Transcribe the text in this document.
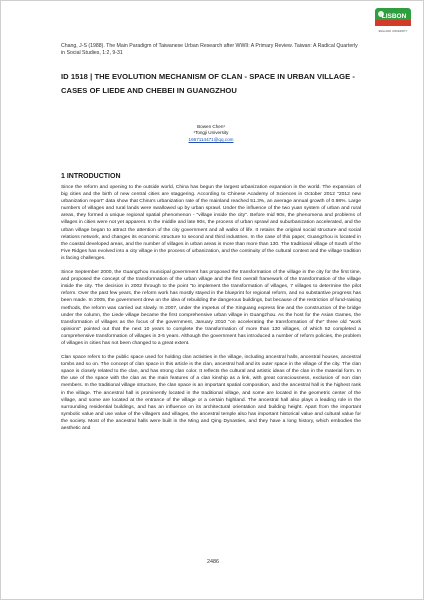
LISBON
ENGLAND UNIVERSITY
Chang, J-S (1988). The Main Paradigm of Taiwanese Urban Research after WWII: A Primary Review. Taiwan: A Radical Quarterly in Social Studies, 1:2, 9-31
ID 1518 | THE EVOLUTION MECHANISM OF CLAN - SPACE IN URBAN VILLAGE - CASES OF LIEDE AND CHEBEI IN GUANGZHOU
Bowen Chen¹
¹Tongji University
1667114471@qq.com
1 INTRODUCTION

Since the reform and opening to the outside world, China has begun the largest urbanization expansion in the world. The expansion of big cities and the birth of new central cities are staggering. According to Chinese Academy of Sciences in October 2012 "2012 new urbanization report" data show that China's urbanization rate of the mainland reached 51.3%, an average annual growth of 0.98%. Large numbers of villages and rural lands were swallowed up by urban sprawl. Under the influence of the two yuan system of urban and rural areas, they formed a unique regional spatial phenomenon - "village inside the city". Before mid 90s, the phenomena and problems of villages in cities were not yet apparent. In the middle and late 90s, the process of urban sprawl and suburbanization accelerated, and the urban village began to attract the attention of the city government and all walks of life. It retains the original social structure and social relations network, and changes its economic structure to second and third industries. In the case of this paper, Guangzhou is located in the coastal developed areas, and the number of villages in urban areas is more than more than 130. The traditional village of South of the Five Ridges has evolved into a city village in the process of urbanization, and the continuity of the cultural context and the village tradition is facing challenges.

Since September 2000, the Guangzhou municipal government has proposed the transformation of the village in the city for the first time, and proposed the concept of the transformation of the urban village and the first overall framework of the transformation of the village inside the city. The decision in 2002 through to the point "to implement the transformation of villages, 7 villages to determine the pilot reform. Over the past few years, the reform work has mostly stayed in the blueprint for regional reform, and no substantive progress has been made. In 2005, the government drew on the idea of rebuilding the dangerous buildings, but because of the restriction of fund-raising methods, the reform was carried out slowly. In 2007, under the impetus of the Xinguang express line and the construction of the bridge under the column, the Liede village became the first comprehensive urban village in Guangzhou. As the host for the Asian Games, the transformation of villages as the focus of the government, January 2010 "on accelerating the transformation of the" three old "work opinions" pointed out that the next 10 years to complete the transformation of more than 130 villages, of which 52 completed a comprehensive transformation of villages in 3-5 years. Although the government has introduced a number of reform policies, the problem of villages in cities has not been changed to a great extent.

Clan space refers to the public space used for holding clan activities in the village, including ancestral halls, ancestral houses, ancestral tombs and so on. The concept of clan space in this article is the clan, ancestral hall and its outer space in the village of the city. The clan space is closely related to the clan, and has strong clan color. It reflects the cultural and artistic ideas of the clan in the material form. In the use of the space with the clan as the main features of a clan kinship as a link, with great consciousness, exclusion of non clan members. In the traditional village structure, the clan space is an important spatial composition, and the ancestral hall is the highest rank in the village. The ancestral hall is prominently located in the traditional village, and some are located in the geometric center of the village, and some are located at the entrance of the village or a certain highland. The ancestral hall also plays a leading role in the surrounding residential buildings, and has an influence on its architectural orientation and building height. Apart from the important symbolic value and use value of the villagers and villages, the ancestral temple also has important historical value and cultural value for the society. Most of the ancestral halls were built in the Ming and Qing Dynasties, and they have a long history, which embodies the aesthetic and

2486
